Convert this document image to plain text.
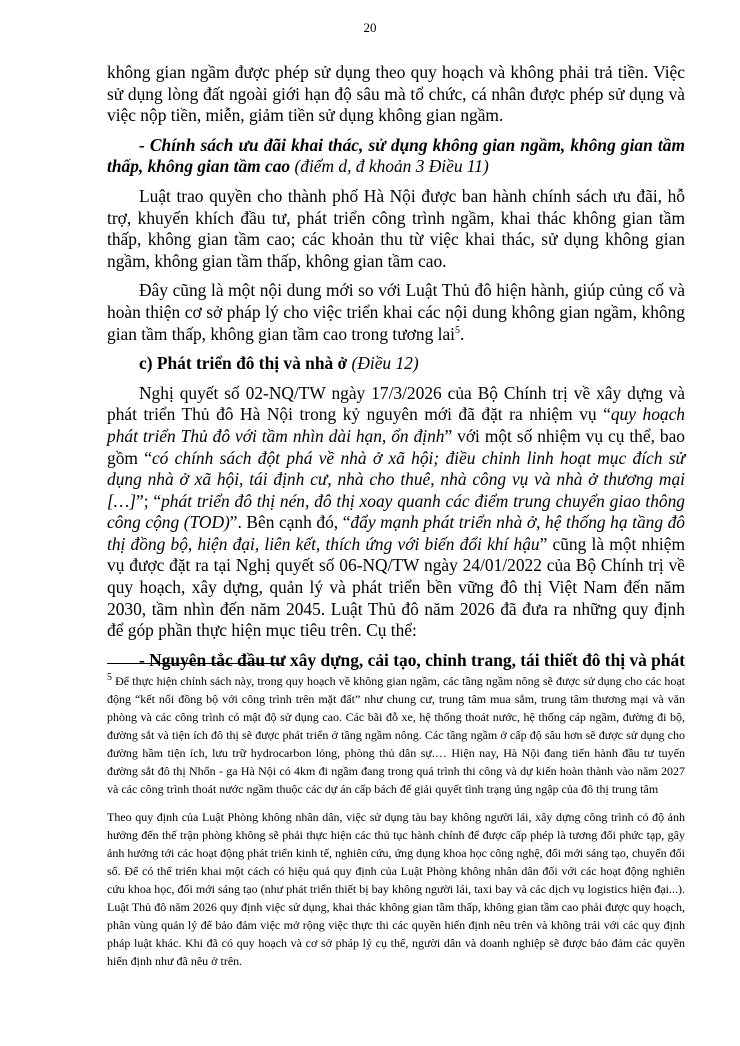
20

không gian ngầm được phép sử dụng theo quy hoạch và không phải trả tiền. Việc sử dụng lòng đất ngoài giới hạn độ sâu mà tổ chức, cá nhân được phép sử dụng và việc nộp tiền, miễn, giảm tiền sử dụng không gian ngầm.

- Chính sách ưu đãi khai thác, sử dụng không gian ngầm, không gian tầm thấp, không gian tầm cao (điểm d, đ khoản 3 Điều 11)

Luật trao quyền cho thành phố Hà Nội được ban hành chính sách ưu đãi, hỗ trợ, khuyến khích đầu tư, phát triển công trình ngầm, khai thác không gian tầm thấp, không gian tầm cao; các khoản thu từ việc khai thác, sử dụng không gian ngầm, không gian tầm thấp, không gian tầm cao.

Đây cũng là một nội dung mới so với Luật Thủ đô hiện hành, giúp củng cố và hoàn thiện cơ sở pháp lý cho việc triển khai các nội dung không gian ngầm, không gian tầm thấp, không gian tầm cao trong tương lai$^5$.

c) Phát triển đô thị và nhà ở (Điều 12)

Nghị quyết số 02-NQ/TW ngày 17/3/2026 của Bộ Chính trị về xây dựng và phát triển Thủ đô Hà Nội trong kỷ nguyên mới đã đặt ra nhiệm vụ “quy hoạch phát triển Thủ đô với tầm nhìn dài hạn, ổn định” với một số nhiệm vụ cụ thể, bao gồm “có chính sách đột phá về nhà ở xã hội; điều chỉnh linh hoạt mục đích sử dụng nhà ở xã hội, tái định cư, nhà cho thuê, nhà công vụ và nhà ở thương mại […]”; “phát triển đô thị nén, đô thị xoay quanh các điểm trung chuyển giao thông công cộng (TOD)”. Bên cạnh đó, “đẩy mạnh phát triển nhà ở, hệ thống hạ tầng đô thị đồng bộ, hiện đại, liên kết, thích ứng với biến đổi khí hậu” cũng là một nhiệm vụ được đặt ra tại Nghị quyết số 06-NQ/TW ngày 24/01/2022 của Bộ Chính trị về quy hoạch, xây dựng, quản lý và phát triển bền vững đô thị Việt Nam đến năm 2030, tầm nhìn đến năm 2045. Luật Thủ đô năm 2026 đã đưa ra những quy định để góp phần thực hiện mục tiêu trên. Cụ thể:

- Nguyên tắc đầu tư xây dựng, cải tạo, chỉnh trang, tái thiết đô thị và phát

$^5$ Để thực hiện chính sách này, trong quy hoạch về không gian ngầm, các tầng ngầm nông sẽ được sử dụng cho các hoạt động “kết nối đồng bộ với công trình trên mặt đất” như chung cư, trung tâm mua sắm, trung tâm thương mại và văn phòng và các công trình có mật độ sử dụng cao. Các bãi đỗ xe, hệ thống thoát nước, hệ thống cáp ngầm, đường đi bộ, đường sắt và tiện ích đô thị sẽ được phát triển ở tầng ngầm nông. Các tầng ngầm ở cấp độ sâu hơn sẽ được sử dụng cho đường hầm tiện ích, lưu trữ hydrocarbon lỏng, phòng thủ dân sự.… Hiện nay, Hà Nội đang tiến hành đầu tư tuyến đường sắt đô thị Nhổn - ga Hà Nội có 4km đi ngầm đang trong quá trình thi công và dự kiến hoàn thành vào năm 2027 và các công trình thoát nước ngầm thuộc các dự án cấp bách để giải quyết tình trạng úng ngập của đô thị trung tâm

Theo quy định của Luật Phòng không nhân dân, việc sử dụng tàu bay không người lái, xây dựng công trình có độ ảnh hưởng đến thế trận phòng không sẽ phải thực hiện các thủ tục hành chính để được cấp phép là tương đối phức tạp, gây ảnh hưởng tới các hoạt động phát triển kinh tế, nghiên cứu, ứng dụng khoa học công nghệ, đổi mới sáng tạo, chuyển đổi số. Để có thể triển khai một cách có hiệu quả quy định của Luật Phòng không nhân dân đối với các hoạt động nghiên cứu khoa học, đổi mới sáng tạo (như phát triển thiết bị bay không người lái, taxi bay và các dịch vụ logistics hiện đại...). Luật Thủ đô năm 2026 quy định việc sử dụng, khai thác không gian tầm thấp, không gian tầm cao phải được quy hoạch, phân vùng quản lý để bảo đảm việc mở rộng việc thực thi các quyền hiến định nêu trên và không trái với các quy định pháp luật khác. Khi đã có quy hoạch và cơ sở pháp lý cụ thể, người dân và doanh nghiệp sẽ được bảo đảm các quyền hiến định như đã nêu ở trên.
